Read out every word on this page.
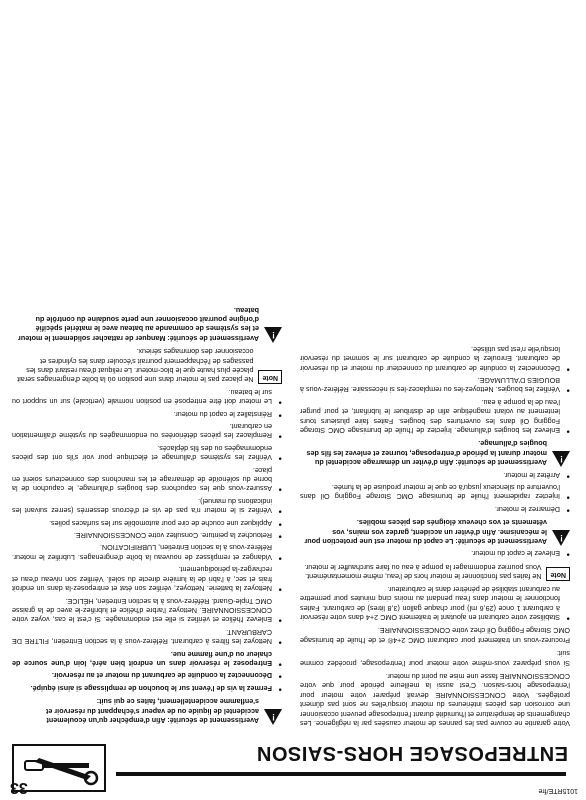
1015RTE/fre
33
ENTREPOSAGE HORS-SAISON

Votre garantie ne couvre pas les pannes de moteur causées par la négligence. Les changements de température et l'humidité durant l'entreposage peuvent occasionner une corrosion des pièces intérieures du moteur lorsqu'elles ne sont pas dûment protégées. Votre CONCESSIONNAIRE devrait préparer votre moteur pour l'entreposage hors-saison. C'est aussi la meilleure période pour que votre CONCESSIONNAIRE fasse une mise au point du moteur.

Si vous préparez vous-même votre moteur pour l'entreposage, procédez comme suit:

Procurez-vous un traitement pour carburant OMC 2+4® et de l'huile de brumisage OMC Storage Fogging Oil chez votre CONCESSIONNAIRE.

● Stabilisez votre carburant en ajoutant le traitement OMC 2+4 dans votre réservoir à carburant 1 once (29,6 ml) pour chaque gallon (3,8 litres) de carburant. Faites fonctionner le moteur dans l'eau pendant au moins cinq minutes pour permettre au carburant stabilisé de pénétrer dans le carburateur.
Note
Ne faites pas fonctionner le moteur hors de l'eau, même momentanément. Vous pourriez endommager la pompe à eau ou faire surchauffer le moteur.
● Enlevez le capot du moteur.
!
Avertissement de sécurité: Le capot du moteur est une protection pour le mécanisme. Afin d'éviter un accident, gardez vos mains, vos vêtements et vos cheveux éloignés des pièces mobiles.
● Démarrez le moteur.
● Injectez rapidement l'huile de brumisage OMC Storage Fogging Oil dans l'ouverture du silencieux jusqu'à ce que le moteur produise de la fumée.
● Arrêtez le moteur.
!
Avertissement de sécurité: Afin d'éviter un démarrage accidentel du moteur durant la période d'entreposage, tournez et enlevez les fils des bougies d'allumage.
● Enlevez les bougies d'allumage. Injectez de l'huile de brumisage OMC Storage Fogging Oil dans les ouvertures des bougies. Faites faire plusieurs tours lentement au volant magnétique afin de distribuer le lubrifiant, et pour purger l'eau de la pompe à eau.
● Vérifiez les bougies. Nettoyez-les ou remplacez-les si nécessaire. Référez-vous à BOUGIES D'ALLUMAGE.
● Déconnectez la conduite de carburant du connecteur du moteur et du réservoir de carburant. Enroulez la conduite de carburant sur le sommet du réservoir lorsqu'elle n'est pas utilisée.
!
Avertissement de sécurité: Afin d'empêcher qu'un écoulement accidentel de liquide ou de vapeur s'échappant du réservoir et s'enflamme accidentellement, faites ce qui suit:
● Fermez la vis de l'évent sur le bouchon de remplissage si ainsi équipé.
● Déconnectez la conduite de carburant du moteur et au réservoir.
● Entreposez le réservoir dans un endroit bien aéré, loin d'une source de chaleur ou d'une flamme nue.
● Nettoyez les filtres à carburant. Référez-vous à la section Entretien, FILTRE DE CARBURANT.
● Enlevez l'hélice et vérifiez si elle est endommagée. Si c'est le cas, voyez votre CONCESSIONNAIRE. Nettoyez l'arbre d'hélice et lubrifiez-le avec de la graisse OMC Triple-Guard. Référez-vous à la section Entretien, HÉLICE.
● Nettoyez la batterie. Nettoyez, vérifiez son état et entreposez-la dans un endroit frais et sec, à l'abri de la lumière directe du soleil. Vérifiez son niveau d'eau et rechargez-la périodiquement.
● Vidangez et remplissez de nouveau la boîte d'engrenages. Lubrifiez le moteur. Référez-vous à la section Entretien, LUBRIFICATION.
● Retouchez la peinture. Consultez votre CONCESSIONNAIRE.
● Appliquez une couche de cire pour automobile sur les surfaces polies.
● Vérifiez si le moteur n'a pas de vis et d'écrous desserrés (serrez suivant les indications du manuel).
● Assurez-vous que les capuchons des bougies d'allumage, le capuchon de la borne du solénoïde de démarrage et les manchons des connecteurs soient en place.
● Vérifiez les systèmes d'allumage et électrique pour voir s'ils ont des pièces endommagées ou des fils déplacés.
● Remplacez les pièces détériorées ou endommagées du système d'alimentation en carburant.
● Réinstallez le capot du moteur.
● Le moteur doit être entreposé en position normale (verticale) sur un support ou sur le bateau.
Note
Ne placez pas le moteur dans une position où la boîte d'engrenages serait placée plus haute que le bloc-moteur. Le reliquat d'eau restant dans les passages de l'échappement pourrait s'écouler dans les cylindres et occasionner des dommages sérieux.
!
Avertissement de sécurité: Manquer de rattacher solidement le moteur et les systèmes de commande au bateau avec le matériel spécifié d'origine pourrait occasionner une perte soudaine du contrôle du bateau.
